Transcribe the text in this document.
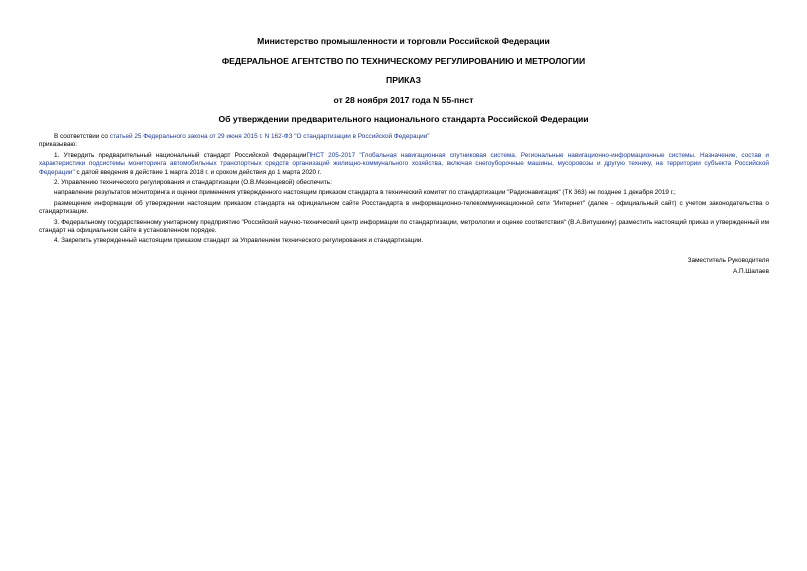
Министерство промышленности и торговли Российской Федерации
ФЕДЕРАЛЬНОЕ АГЕНТСТВО ПО ТЕХНИЧЕСКОМУ РЕГУЛИРОВАНИЮ И МЕТРОЛОГИИ
ПРИКАЗ
от 28 ноября 2017 года N 55-пнст
Об утверждении предварительного национального стандарта Российской Федерации

В соответствии со статьей 25 Федерального закона от 29 июня 2015 г. N 162-ФЗ "О стандартизации в Российской Федерации"

приказываю:

1. Утвердить предварительный национальный стандарт Российской ФедерацииПНСТ 205-2017 "Глобальная навигационная спутниковая система. Региональные навигационно-информационные системы. Назначение, состав и характеристики подсистемы мониторинга автомобильных транспортных средств организаций жилищно-коммунального хозяйства, включая снегоуборочные машины, мусоровозы и другую технику, на территории субъекта Российской Федерации" с датой введения в действие 1 марта 2018 г. и сроком действия до 1 марта 2020 г.

2. Управлению технического регулирования и стандартизации (О.В.Мезенцевой) обеспечить:

направление результатов мониторинга и оценки применения утвержденного настоящим приказом стандарта в технический комитет по стандартизации "Радионавигация" (ТК 363) не позднее 1 декабря 2019 г.;

размещение информации об утверждении настоящим приказом стандарта на официальном сайте Росстандарта в информационно-телекоммуникационной сети "Интернет" (далее - официальный сайт) с учетом законодательства о стандартизации.

3. Федеральному государственному унитарному предприятию "Российский научно-технический центр информации по стандартизации, метрологии и оценке соответствия" (В.А.Витушкину) разместить настоящий приказ и утвержденный им стандарт на официальном сайте в установленном порядке.

4. Закрепить утвержденный настоящим приказом стандарт за Управлением технического регулирования и стандартизации.

Заместитель Руководителя
А.П.Шалаев
